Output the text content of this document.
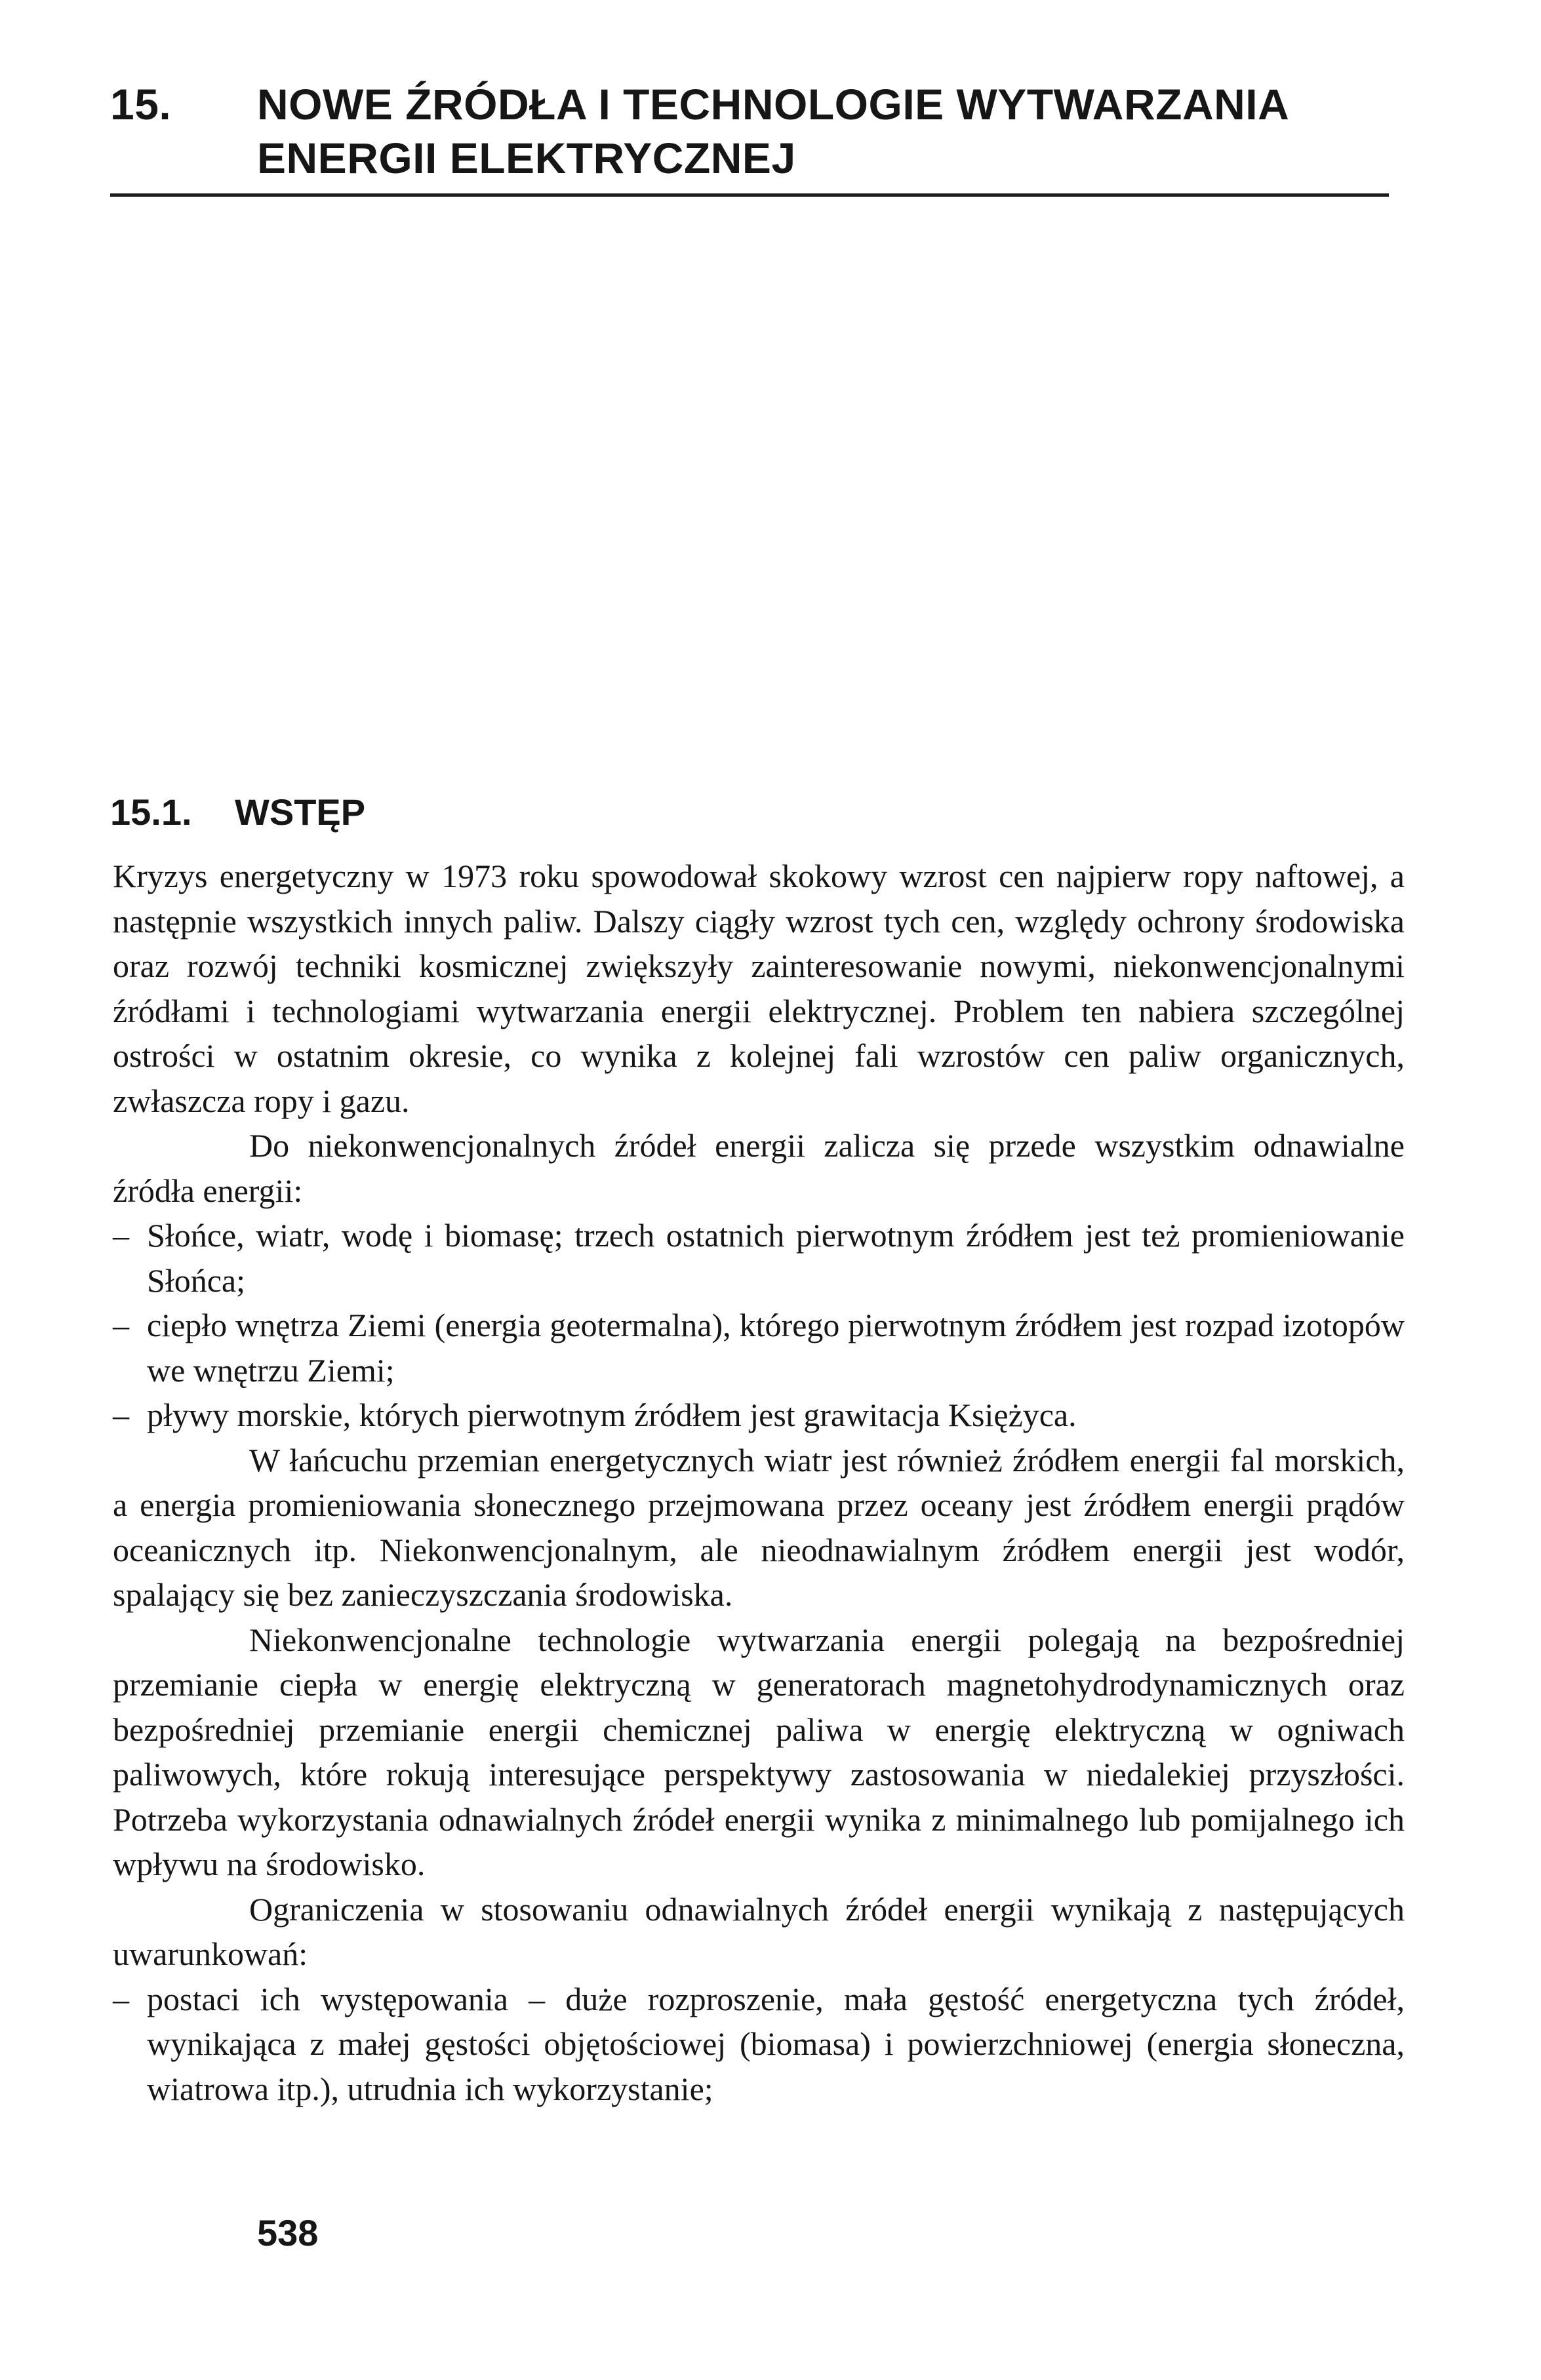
15.	NOWE ŹRÓDŁA I TECHNOLOGIE WYTWARZANIA
ENERGII ELEKTRYCZNEJ
15.1.	WSTĘP

Kryzys energetyczny w 1973 roku spowodował skokowy wzrost cen najpierw ropy naftowej, a następnie wszystkich innych paliw. Dalszy ciągły wzrost tych cen, względy ochrony środowiska oraz rozwój techniki kosmicznej zwiększyły zainteresowanie nowymi, niekonwencjonalnymi źródłami i technologiami wytwarzania energii elektrycznej. Problem ten nabiera szczególnej ostrości w ostatnim okresie, co wynika z kolejnej fali wzrostów cen paliw organicznych, zwłaszcza ropy i gazu.

Do niekonwencjonalnych źródeł energii zalicza się przede wszystkim odnawialne źródła energii:

– Słońce, wiatr, wodę i biomasę; trzech ostatnich pierwotnym źródłem jest też promieniowanie Słońca;
– ciepło wnętrza Ziemi (energia geotermalna), którego pierwotnym źródłem jest rozpad izotopów we wnętrzu Ziemi;
– pływy morskie, których pierwotnym źródłem jest grawitacja Księżyca.

W łańcuchu przemian energetycznych wiatr jest również źródłem energii fal morskich, a energia promieniowania słonecznego przejmowana przez oceany jest źródłem energii prądów oceanicznych itp. Niekonwencjonalnym, ale nieodnawialnym źródłem energii jest wodór, spalający się bez zanieczyszczania środowiska.

Niekonwencjonalne technologie wytwarzania energii polegają na bezpośredniej przemianie ciepła w energię elektryczną w generatorach magnetohydrodynamicznych oraz bezpośredniej przemianie energii chemicznej paliwa w energię elektryczną w ogniwach paliwowych, które rokują interesujące perspektywy zastosowania w niedalekiej przyszłości. Potrzeba wykorzystania odnawialnych źródeł energii wynika z minimalnego lub pomijalnego ich wpływu na środowisko.

Ograniczenia w stosowaniu odnawialnych źródeł energii wynikają z następujących uwarunkowań:

– postaci ich występowania – duże rozproszenie, mała gęstość energetyczna tych źródeł, wynikająca z małej gęstości objętościowej (biomasa) i powierzchniowej (energia słoneczna, wiatrowa itp.), utrudnia ich wykorzystanie;
538
